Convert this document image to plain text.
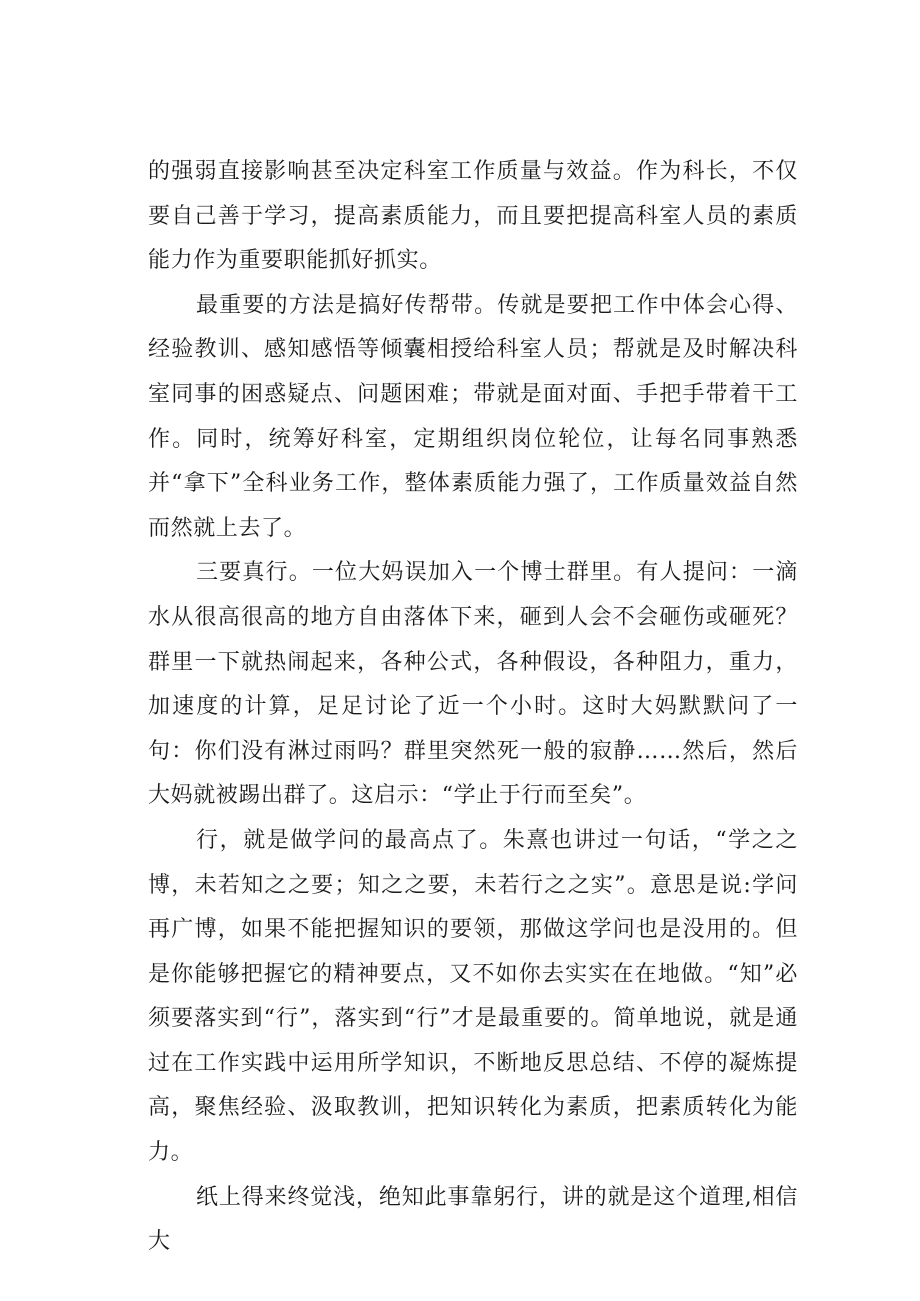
的强弱直接影响甚至决定科室工作质量与效益。作为科长，不仅要自己善于学习，提高素质能力，而且要把提高科室人员的素质能力作为重要职能抓好抓实。

最重要的方法是搞好传帮带。传就是要把工作中体会心得、经验教训、感知感悟等倾囊相授给科室人员；帮就是及时解决科室同事的困惑疑点、问题困难；带就是面对面、手把手带着干工作。同时，统筹好科室，定期组织岗位轮位，让每名同事熟悉并“拿下”全科业务工作，整体素质能力强了，工作质量效益自然而然就上去了。

三要真行。一位大妈误加入一个博士群里。有人提问：一滴水从很高很高的地方自由落体下来，砸到人会不会砸伤或砸死？群里一下就热闹起来，各种公式，各种假设，各种阻力，重力，加速度的计算，足足讨论了近一个小时。这时大妈默默问了一句：你们没有淋过雨吗？群里突然死一般的寂静……然后，然后大妈就被踢出群了。这启示：“学止于行而至矣”。

行，就是做学问的最高点了。朱熹也讲过一句话，“学之之博，未若知之之要；知之之要，未若行之之实”。意思是说:学问再广博，如果不能把握知识的要领，那做这学问也是没用的。但是你能够把握它的精神要点，又不如你去实实在在地做。“知”必须要落实到“行”，落实到“行”才是最重要的。简单地说，就是通过在工作实践中运用所学知识，不断地反思总结、不停的凝炼提高，聚焦经验、汲取教训，把知识转化为素质，把素质转化为能力。

纸上得来终觉浅，绝知此事靠躬行，讲的就是这个道理,相信大
